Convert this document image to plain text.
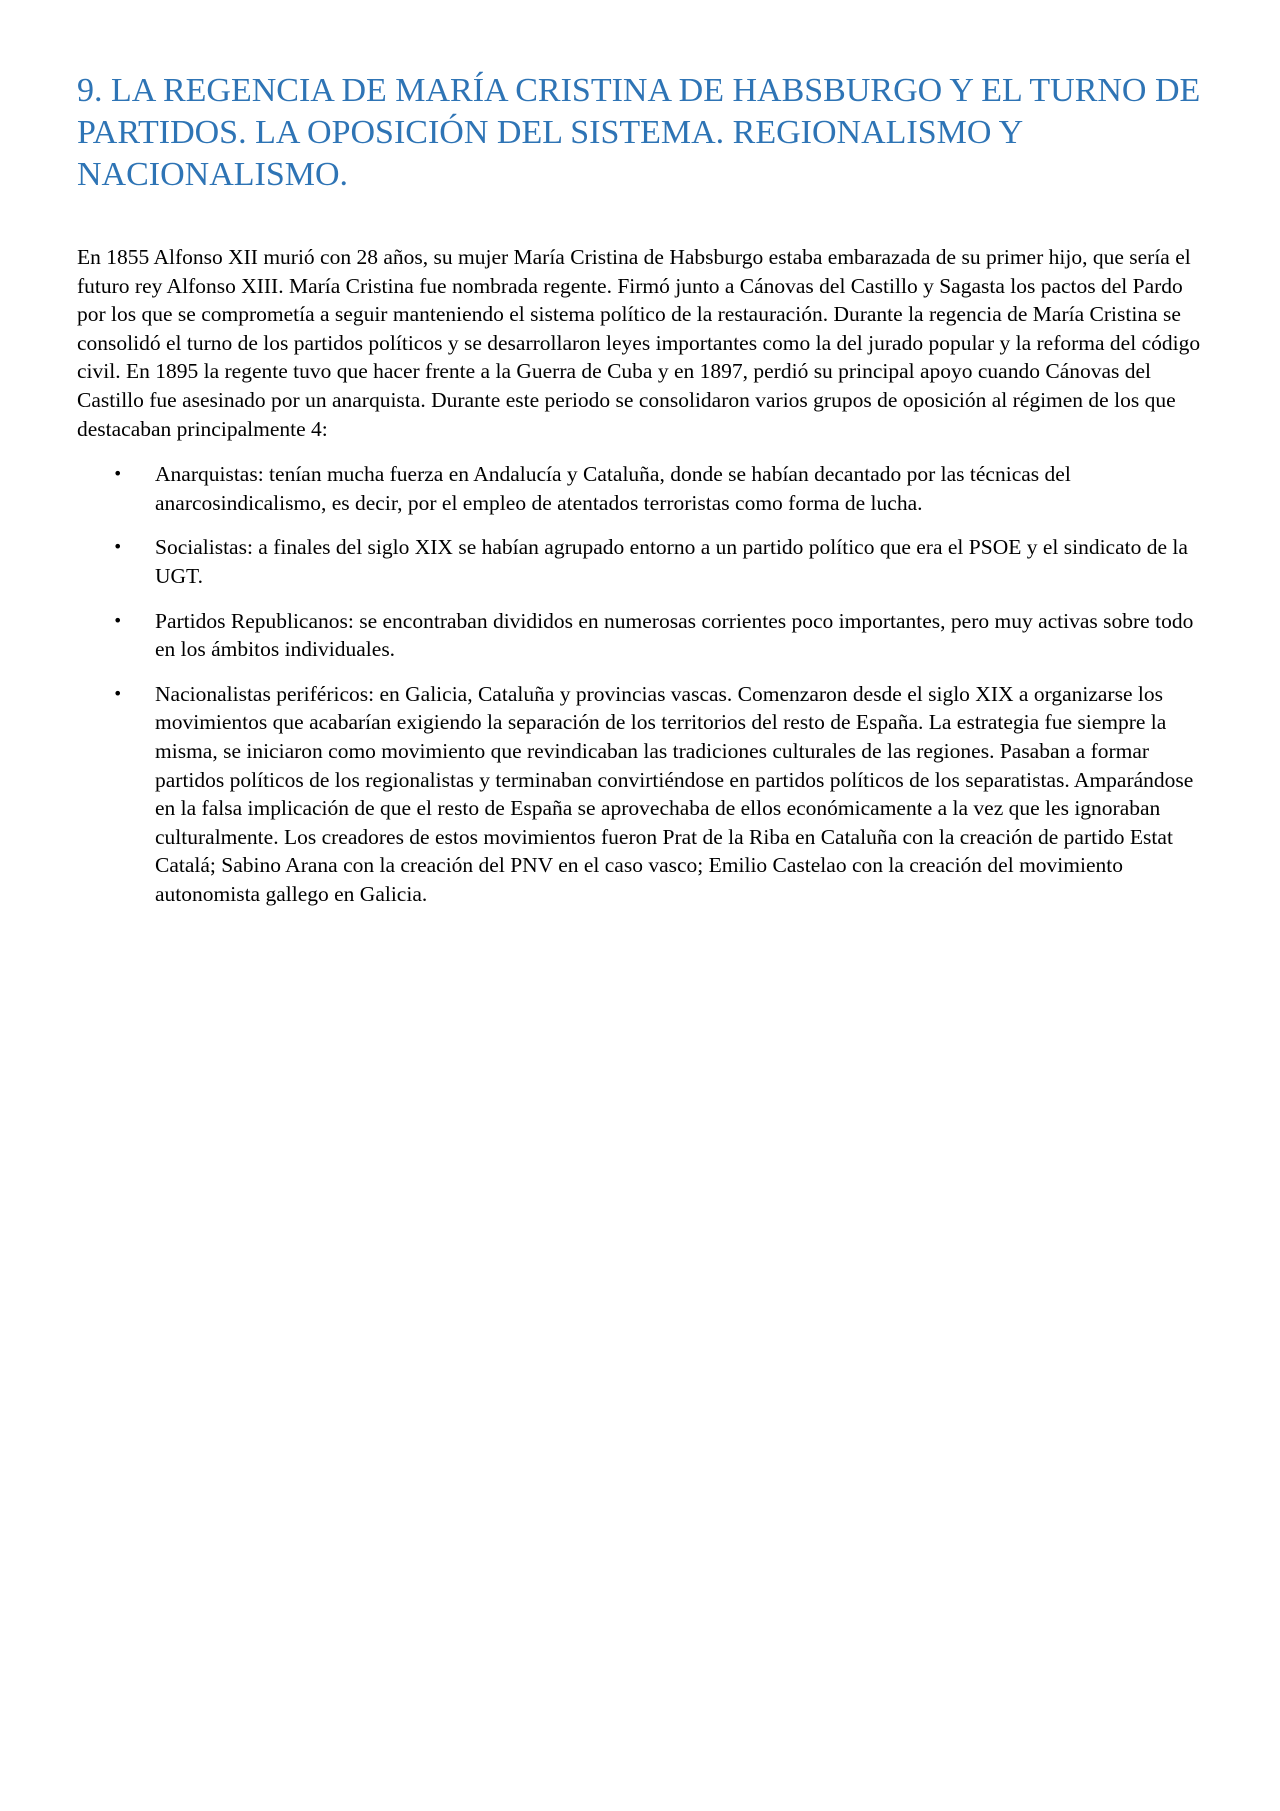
9. LA REGENCIA DE MARÍA CRISTINA DE HABSBURGO Y EL TURNO DE PARTIDOS. LA OPOSICIÓN DEL SISTEMA. REGIONALISMO Y NACIONALISMO.

En 1855 Alfonso XII murió con 28 años, su mujer María Cristina de Habsburgo estaba embarazada de su primer hijo, que sería el futuro rey Alfonso XIII. María Cristina fue nombrada regente. Firmó junto a Cánovas del Castillo y Sagasta los pactos del Pardo por los que se comprometía a seguir manteniendo el sistema político de la restauración. Durante la regencia de María Cristina se consolidó el turno de los partidos políticos y se desarrollaron leyes importantes como la del jurado popular y la reforma del código civil. En 1895 la regente tuvo que hacer frente a la Guerra de Cuba y en 1897, perdió su principal apoyo cuando Cánovas del Castillo fue asesinado por un anarquista. Durante este periodo se consolidaron varios grupos de oposición al régimen de los que destacaban principalmente 4:

• Anarquistas: tenían mucha fuerza en Andalucía y Cataluña, donde se habían decantado por las técnicas del anarcosindicalismo, es decir, por el empleo de atentados terroristas como forma de lucha.
• Socialistas: a finales del siglo XIX se habían agrupado entorno a un partido político que era el PSOE y el sindicato de la UGT.
• Partidos Republicanos: se encontraban divididos en numerosas corrientes poco importantes, pero muy activas sobre todo en los ámbitos individuales.
• Nacionalistas periféricos: en Galicia, Cataluña y provincias vascas. Comenzaron desde el siglo XIX a organizarse los movimientos que acabarían exigiendo la separación de los territorios del resto de España. La estrategia fue siempre la misma, se iniciaron como movimiento que revindicaban las tradiciones culturales de las regiones. Pasaban a formar partidos políticos de los regionalistas y terminaban convirtiéndose en partidos políticos de los separatistas. Amparándose en la falsa implicación de que el resto de España se aprovechaba de ellos económicamente a la vez que les ignoraban culturalmente. Los creadores de estos movimientos fueron Prat de la Riba en Cataluña con la creación de partido Estat Catalá; Sabino Arana con la creación del PNV en el caso vasco; Emilio Castelao con la creación del movimiento autonomista gallego en Galicia.
